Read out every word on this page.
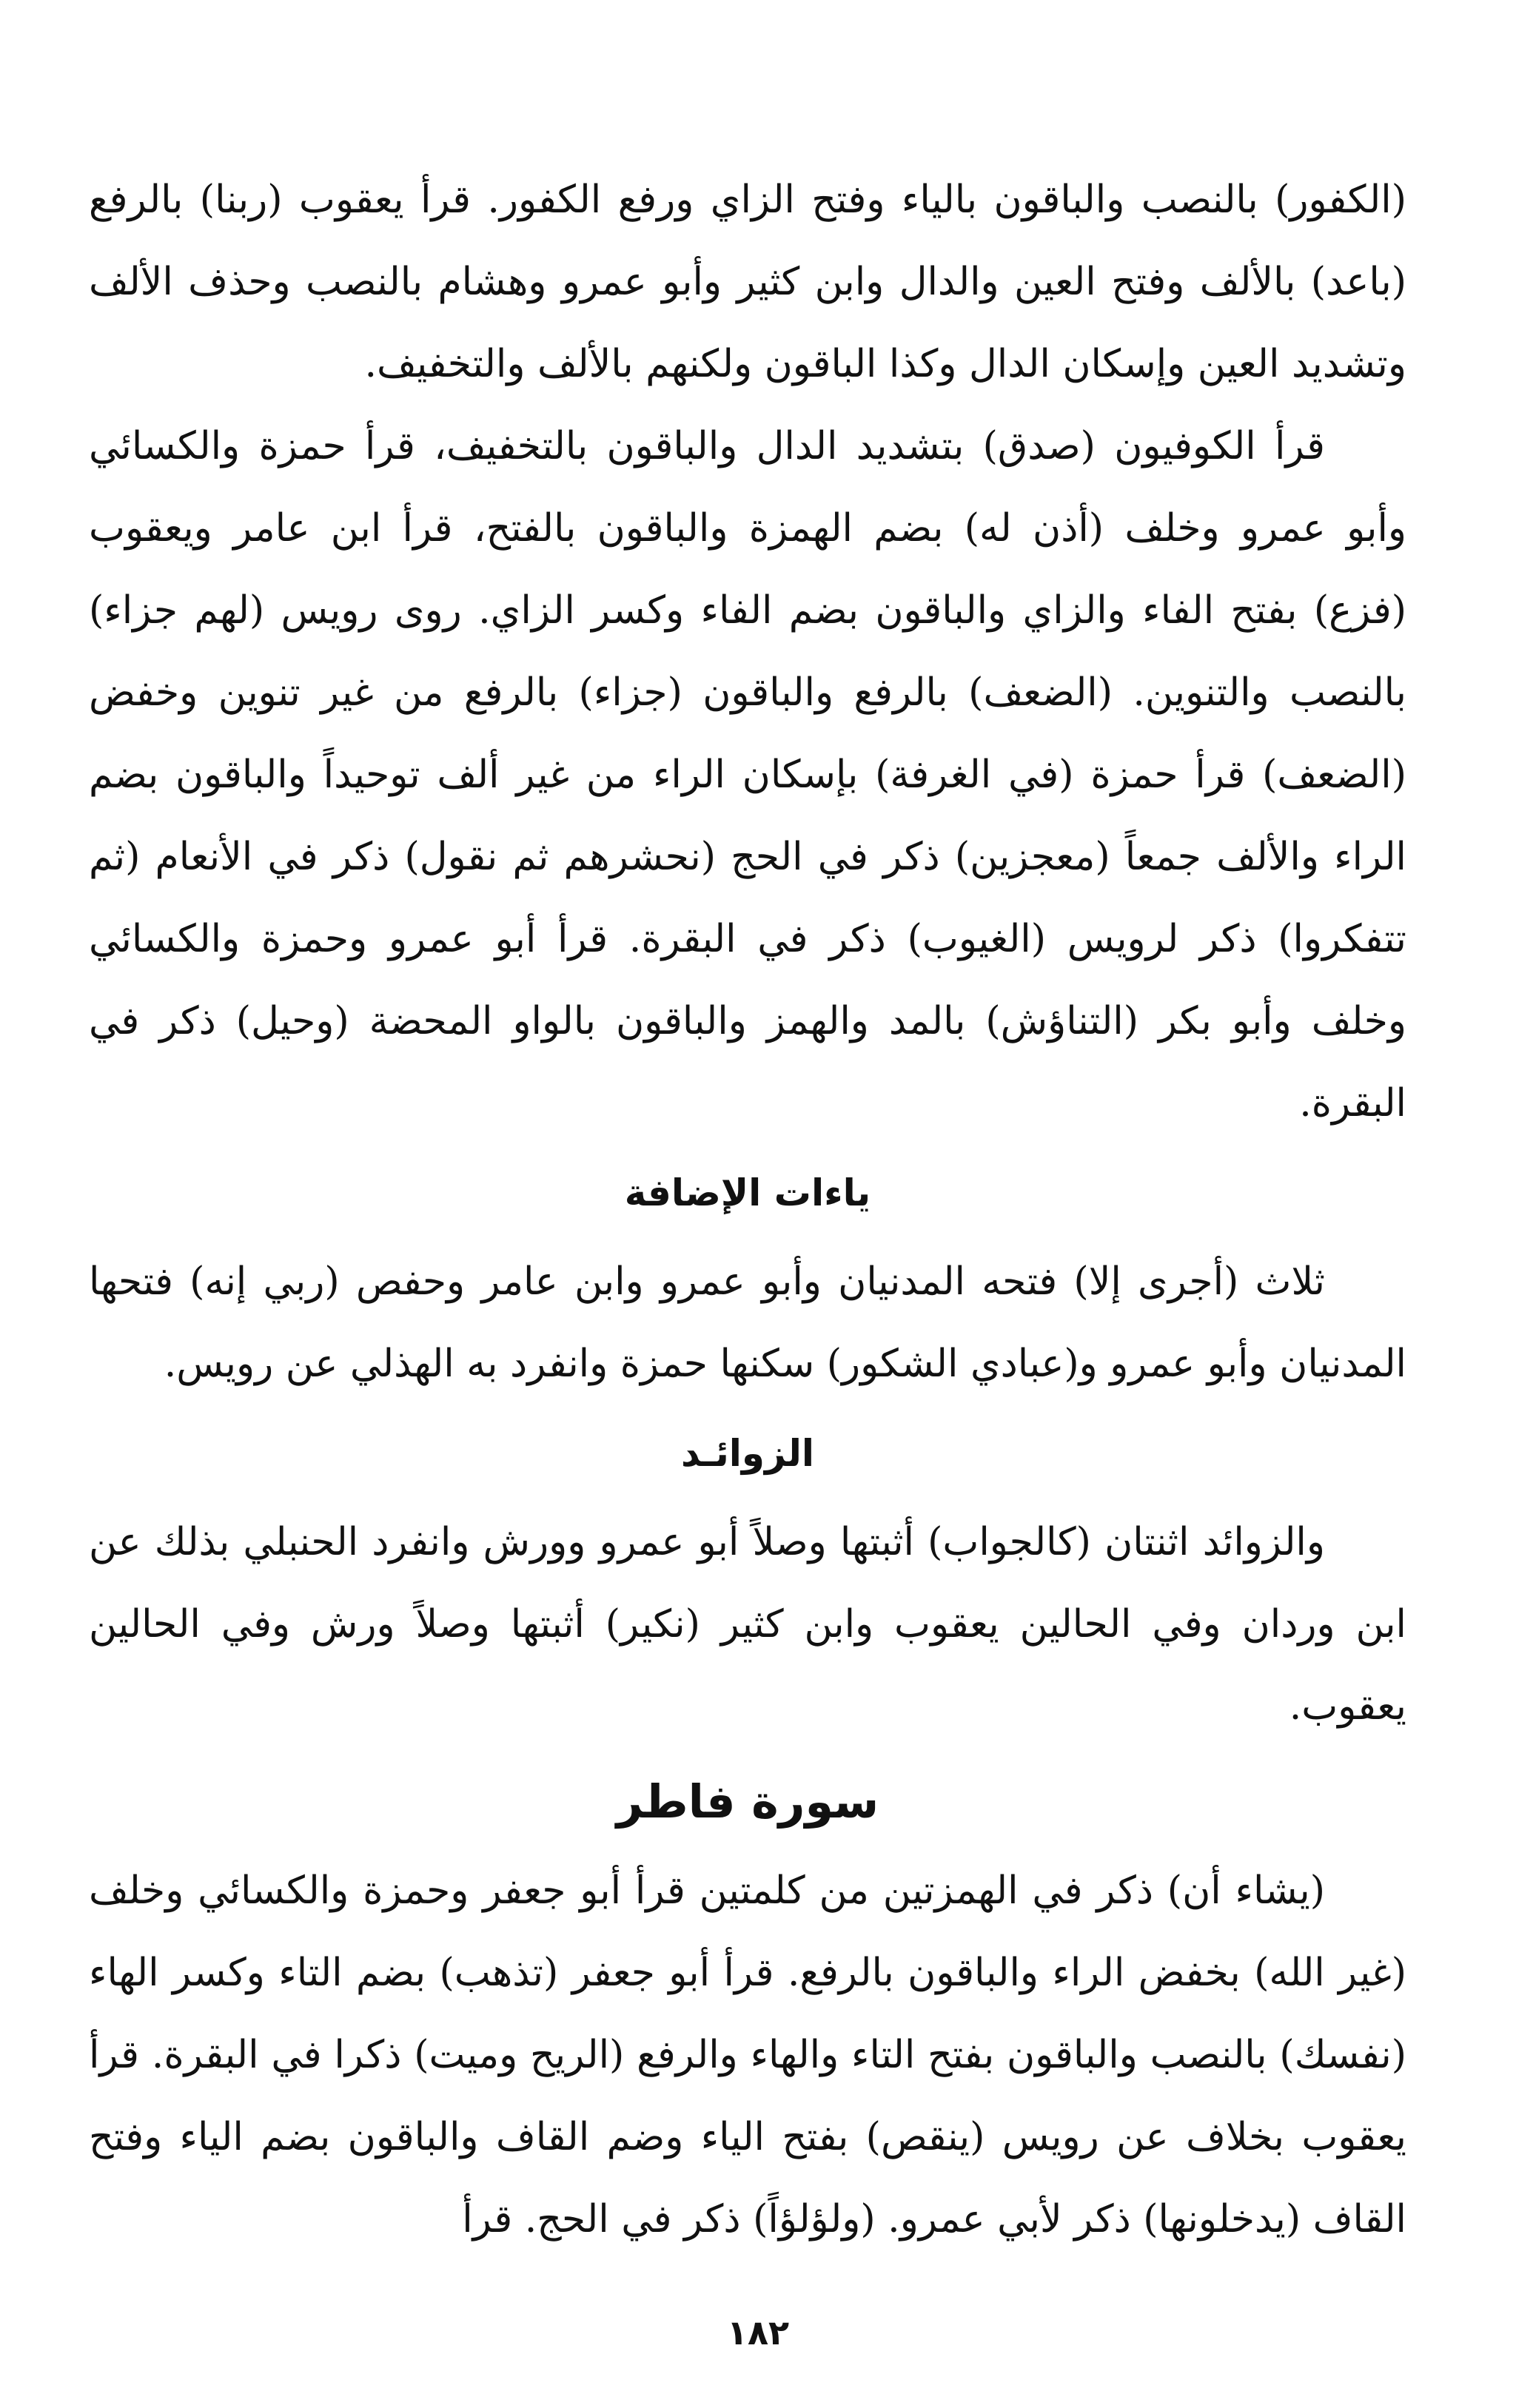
(الكفور) بالنصب والباقون بالياء وفتح الزاي ورفع الكفور. قرأ يعقوب (ربنا) بالرفع (باعد) بالألف وفتح العين والدال وابن كثير وأبو عمرو وهشام بالنصب وحذف الألف وتشديد العين وإسكان الدال وكذا الباقون ولكنهم بالألف والتخفيف.

قرأ الكوفيون (صدق) بتشديد الدال والباقون بالتخفيف، قرأ حمزة والكسائي وأبو عمرو وخلف (أذن له) بضم الهمزة والباقون بالفتح، قرأ ابن عامر ويعقوب (فزع) بفتح الفاء والزاي والباقون بضم الفاء وكسر الزاي. روى رويس (لهم جزاء) بالنصب والتنوين. (الضعف) بالرفع والباقون (جزاء) بالرفع من غير تنوين وخفض (الضعف) قرأ حمزة (في الغرفة) بإسكان الراء من غير ألف توحيداً والباقون بضم الراء والألف جمعاً (معجزين) ذكر في الحج (نحشرهم ثم نقول) ذكر في الأنعام (ثم تتفكروا) ذكر لرويس (الغيوب) ذكر في البقرة. قرأ أبو عمرو وحمزة والكسائي وخلف وأبو بكر (التناؤش) بالمد والهمز والباقون بالواو المحضة (وحيل) ذكر في البقرة.

ياءات الإضافة

ثلاث (أجرى إلا) فتحه المدنيان وأبو عمرو وابن عامر وحفص (ربي إنه) فتحها المدنيان وأبو عمرو و(عبادي الشكور) سكنها حمزة وانفرد به الهذلي عن رويس.

الزوائـد

والزوائد اثنتان (كالجواب) أثبتها وصلاً أبو عمرو وورش وانفرد الحنبلي بذلك عن ابن وردان وفي الحالين يعقوب وابن كثير (نكير) أثبتها وصلاً ورش وفي الحالين يعقوب.

سورة فاطر

(يشاء أن) ذكر في الهمزتين من كلمتين قرأ أبو جعفر وحمزة والكسائي وخلف (غير الله) بخفض الراء والباقون بالرفع. قرأ أبو جعفر (تذهب) بضم التاء وكسر الهاء (نفسك) بالنصب والباقون بفتح التاء والهاء والرفع (الريح وميت) ذكرا في البقرة. قرأ يعقوب بخلاف عن رويس (ينقص) بفتح الياء وضم القاف والباقون بضم الياء وفتح القاف (يدخلونها) ذكر لأبي عمرو. (ولؤلؤاً) ذكر في الحج. قرأ

١٨٢
